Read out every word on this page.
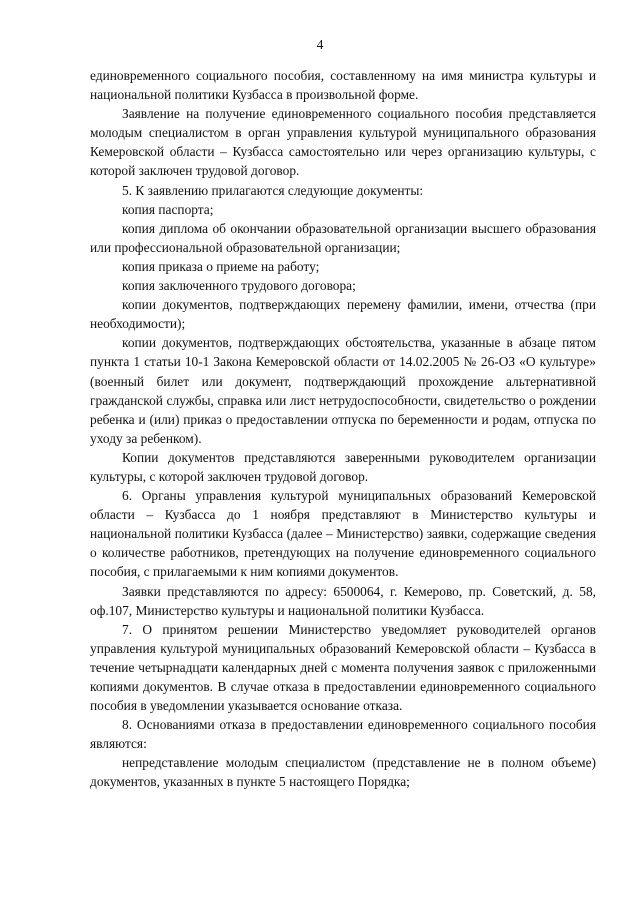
4

единовременного социального пособия, составленному на имя министра культуры и национальной политики Кузбасса в произвольной форме.

Заявление на получение единовременного социального пособия представляется молодым специалистом в орган управления культурой муниципального образования Кемеровской области – Кузбасса самостоятельно или через организацию культуры, с которой заключен трудовой договор.

5. К заявлению прилагаются следующие документы:

копия паспорта;

копия диплома об окончании образовательной организации высшего образования или профессиональной образовательной организации;

копия приказа о приеме на работу;

копия заключенного трудового договора;

копии документов, подтверждающих перемену фамилии, имени, отчества (при необходимости);

копии документов, подтверждающих обстоятельства, указанные в абзаце пятом пункта 1 статьи 10-1 Закона Кемеровской области от 14.02.2005 № 26-ОЗ «О культуре» (военный билет или документ, подтверждающий прохождение альтернативной гражданской службы, справка или лист нетрудоспособности, свидетельство о рождении ребенка и (или) приказ о предоставлении отпуска по беременности и родам, отпуска по уходу за ребенком).

Копии документов представляются заверенными руководителем организации культуры, с которой заключен трудовой договор.

6. Органы управления культурой муниципальных образований Кемеровской области – Кузбасса до 1 ноября представляют в Министерство культуры и национальной политики Кузбасса (далее – Министерство) заявки, содержащие сведения о количестве работников, претендующих на получение единовременного социального пособия, с прилагаемыми к ним копиями документов.

Заявки представляются по адресу: 6500064, г. Кемерово, пр. Советский, д. 58, оф.107, Министерство культуры и национальной политики Кузбасса.

7. О принятом решении Министерство уведомляет руководителей органов управления культурой муниципальных образований Кемеровской области – Кузбасса в течение четырнадцати календарных дней с момента получения заявок с приложенными копиями документов. В случае отказа в предоставлении единовременного социального пособия в уведомлении указывается основание отказа.

8. Основаниями отказа в предоставлении единовременного социального пособия являются:

непредставление молодым специалистом (представление не в полном объеме) документов, указанных в пункте 5 настоящего Порядка;
